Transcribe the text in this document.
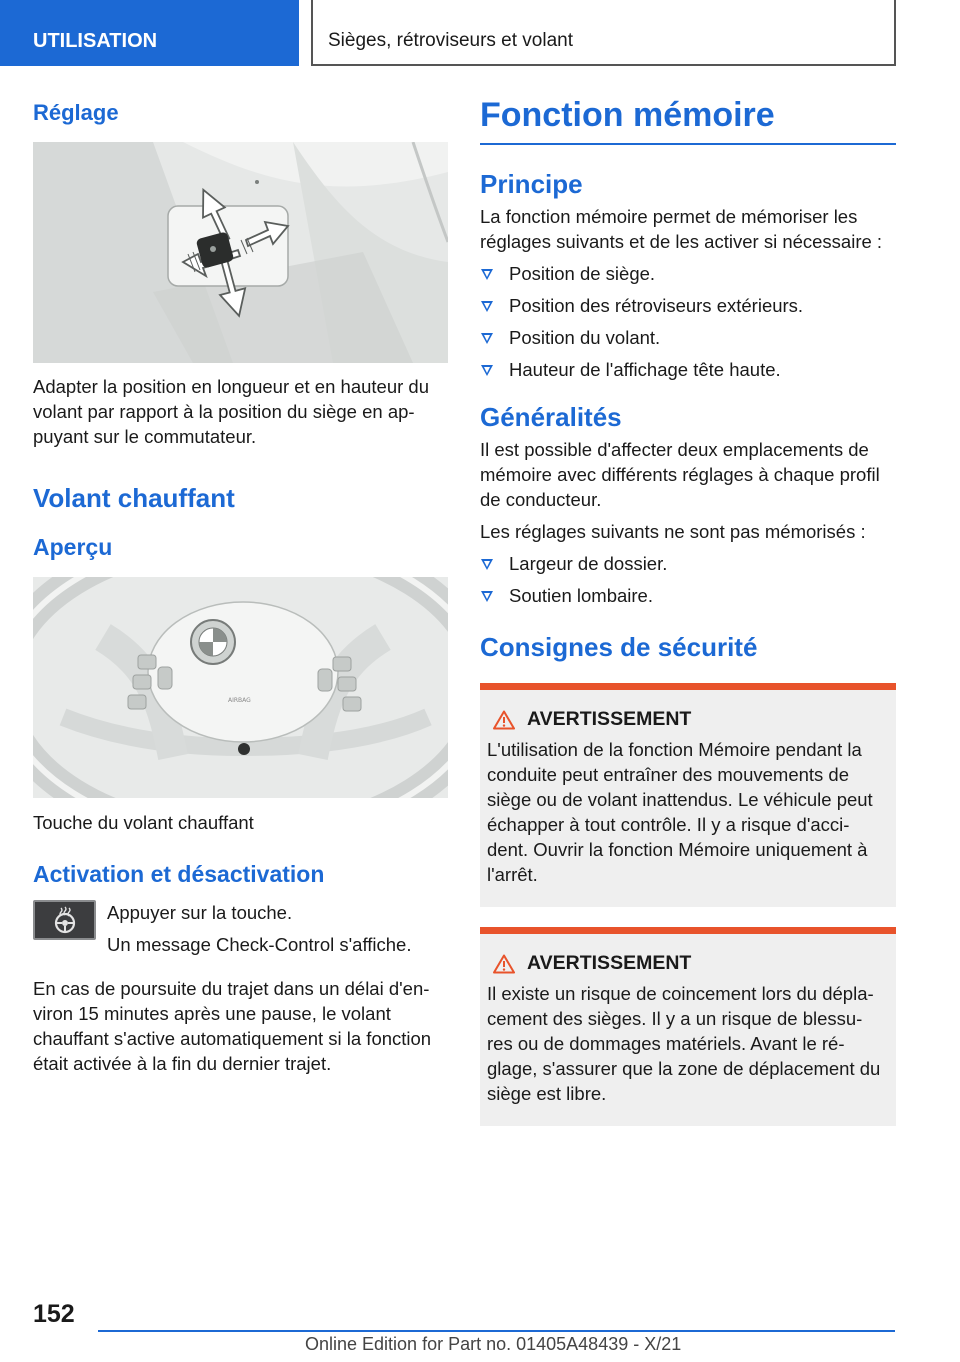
UTILISATION	Sièges, rétroviseurs et volant
Réglage
Adapter la position en longueur et en hauteur du volant par rapport à la position du siège en ap‐puyant sur le commutateur.
Volant chauffant
Aperçu
AIRBAG
Touche du volant chauffant
Activation et désactivation
Appuyer sur la touche.
Un message Check-Control s'affiche.
En cas de poursuite du trajet dans un délai d'en‐viron 15 minutes après une pause, le volant chauffant s'active automatiquement si la fonction était activée à la fin du dernier trajet.
Fonction mémoire
Principe
La fonction mémoire permet de mémoriser les réglages suivants et de les activer si nécessaire :
Position de siège.
Position des rétroviseurs extérieurs.
Position du volant.
Hauteur de l'affichage tête haute.
Généralités
Il est possible d'affecter deux emplacements de mémoire avec différents réglages à chaque profil de conducteur.
Les réglages suivants ne sont pas mémorisés :
Largeur de dossier.
Soutien lombaire.
Consignes de sécurité
AVERTISSEMENT
L'utilisation de la fonction Mémoire pendant la conduite peut entraîner des mouvements de siège ou de volant inattendus. Le véhicule peut échapper à tout contrôle. Il y a risque d'acci‐dent. Ouvrir la fonction Mémoire uniquement à l'arrêt.
AVERTISSEMENT
Il existe un risque de coincement lors du dépla‐cement des sièges. Il y a un risque de blessu‐res ou de dommages matériels. Avant le ré‐glage, s'assurer que la zone de déplacement du siège est libre.
152
Online Edition for Part no. 01405A48439 - X/21
